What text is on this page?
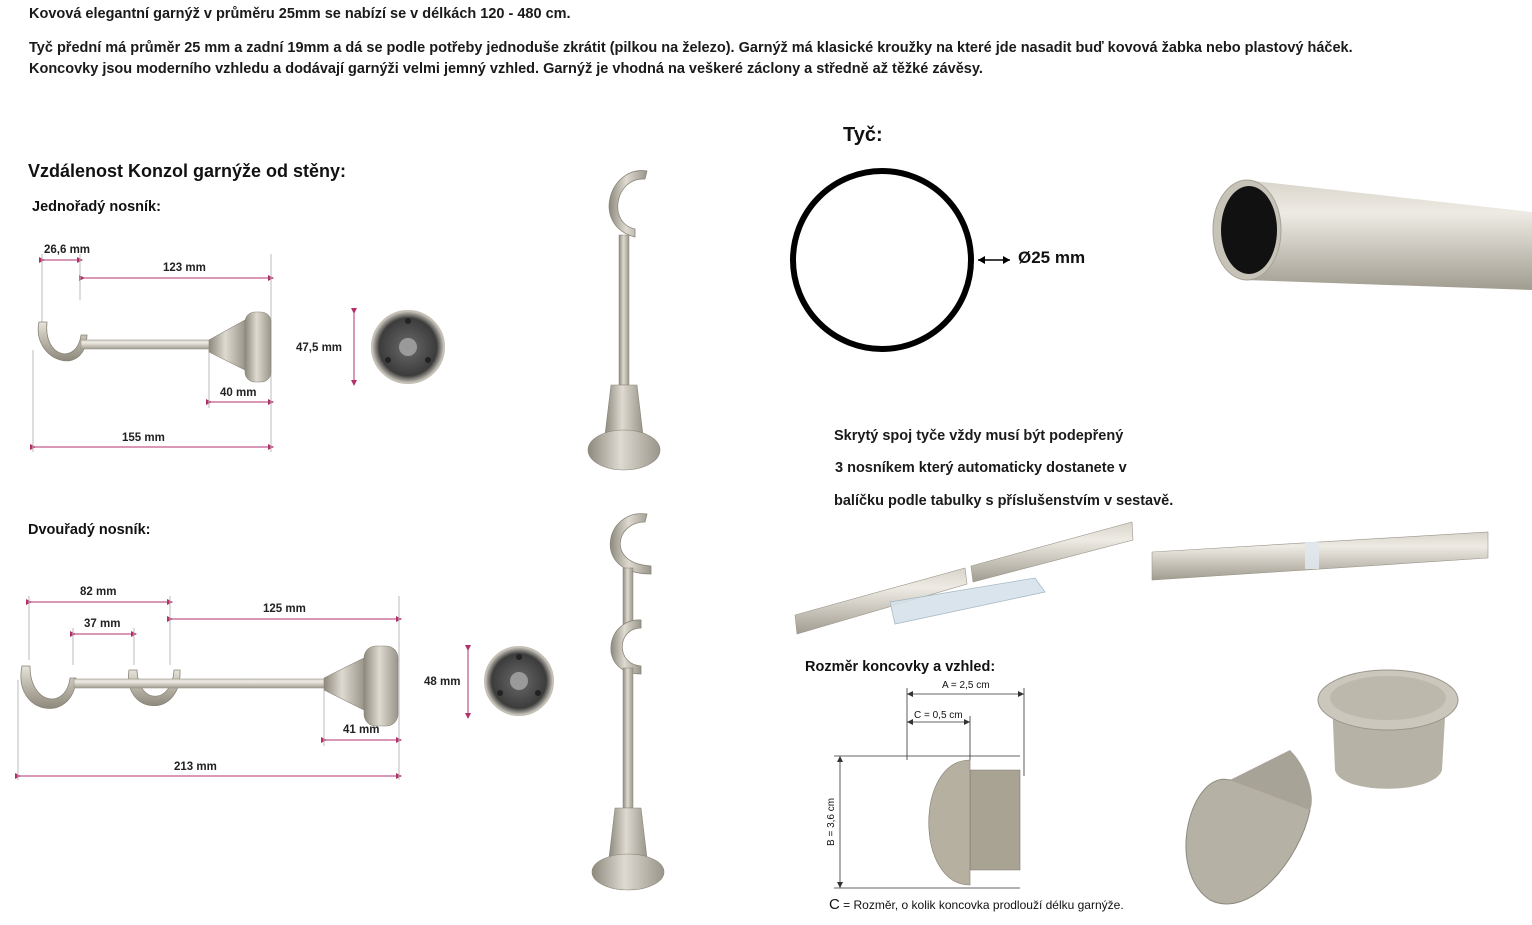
Kovová elegantní garnýž v průměru 25mm se nabízí se v délkách 120 - 480 cm.
Tyč přední má průměr 25 mm a zadní 19mm a dá se podle potřeby jednoduše zkrátit (pilkou na železo). Garnýž má klasické kroužky na které jde nasadit buď kovová žabka nebo plastový háček. Koncovky jsou moderního vzhledu a dodávají garnýži velmi jemný vzhled. Garnýž je vhodná na veškeré záclony a středně až těžké závěsy.
Vzdálenost Konzol garnýže od stěny:
Jednořadý nosník:
Dvouřadý nosník:
26,6 mm
123 mm
40 mm
155 mm
47,5 mm
82 mm
37 mm
125 mm
41 mm
213 mm
48 mm
Tyč:
Ø25 mm
Skrytý spoj tyče vždy musí být podepřený
3 nosníkem který automaticky dostanete v
balíčku podle tabulky s příslušenstvím v sestavě.
Rozměr koncovky a vzhled:
A = 2,5 cm
C = 0,5 cm
B = 3,6 cm
C = Rozměr, o kolik koncovka prodlouží délku garnýže.
